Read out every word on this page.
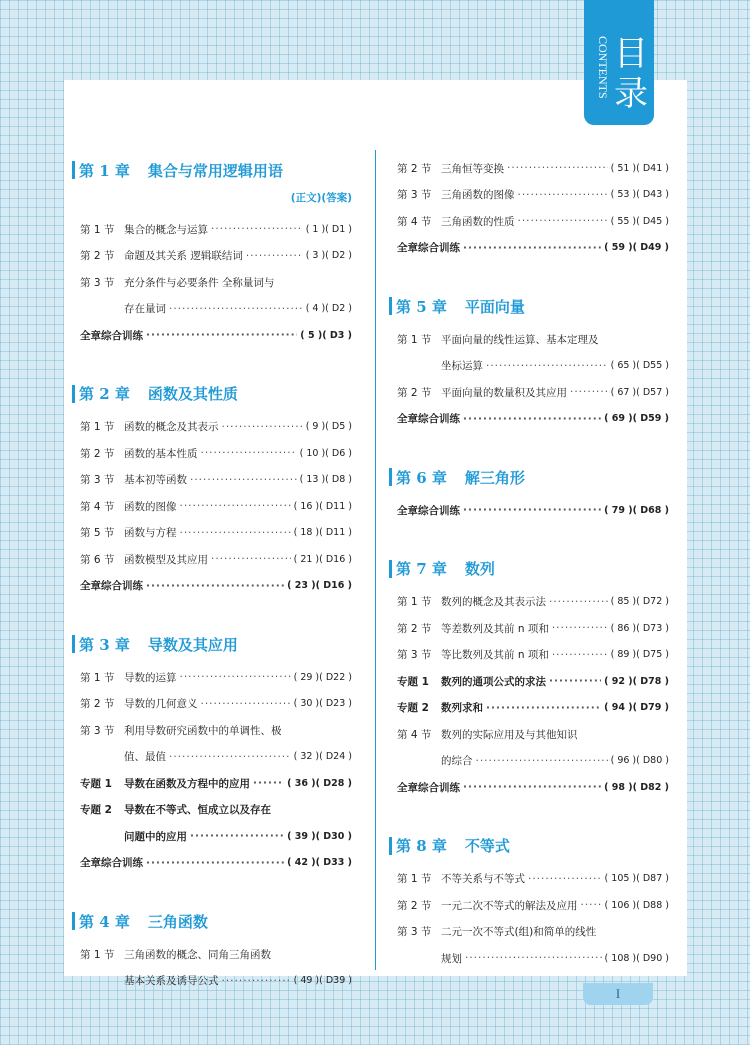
目录
CONTENTS
第 1 章 集合与常用逻辑用语
(正文)(答案)
第 1 节 集合的概念与运算 ·····	( 1 )( D1 )
第 2 节 命题及其关系 逻辑联结词 ·····	( 3 )( D2 )
第 3 节 充分条件与必要条件 全称量词与
存在量词 ·····	( 4 )( D2 )
全章综合训练 ·····	( 5 )( D3 )
第 2 章 函数及其性质
第 1 节 函数的概念及其表示 ·····	( 9 )( D5 )
第 2 节 函数的基本性质 ·····	( 10 )( D6 )
第 3 节 基本初等函数 ·····	( 13 )( D8 )
第 4 节 函数的图像 ·····	( 16 )( D11 )
第 5 节 函数与方程 ·····	( 18 )( D11 )
第 6 节 函数模型及其应用 ·····	( 21 )( D16 )
全章综合训练 ·····	( 23 )( D16 )
第 3 章 导数及其应用
第 1 节 导数的运算 ·····	( 29 )( D22 )
第 2 节 导数的几何意义 ·····	( 30 )( D23 )
第 3 节 利用导数研究函数中的单调性、极
值、最值 ·····	( 32 )( D24 )
专题 1	导数在函数及方程中的应用 ·····	( 36 )( D28 )
专题 2	导数在不等式、恒成立以及存在
问题中的应用 ·····	( 39 )( D30 )
全章综合训练 ·····	( 42 )( D33 )
第 4 章 三角函数
第 1 节 三角函数的概念、同角三角函数
基本关系及诱导公式 ·····	( 49 )( D39 )
第 2 节 三角恒等变换 ·····	( 51 )( D41 )
第 3 节 三角函数的图像 ·····	( 53 )( D43 )
第 4 节 三角函数的性质 ·····	( 55 )( D45 )
全章综合训练 ·····	( 59 )( D49 )
第 5 章 平面向量
第 1 节 平面向量的线性运算、基本定理及
坐标运算 ·····	( 65 )( D55 )
第 2 节 平面向量的数量积及其应用 ·····	( 67 )( D57 )
全章综合训练 ·····	( 69 )( D59 )
第 6 章 解三角形
全章综合训练 ·····	( 79 )( D68 )
第 7 章 数列
第 1 节 数列的概念及其表示法 ·····	( 85 )( D72 )
第 2 节 等差数列及其前 n 项和 ·····	( 86 )( D73 )
第 3 节 等比数列及其前 n 项和 ·····	( 89 )( D75 )
专题 1	数列的通项公式的求法 ·····	( 92 )( D78 )
专题 2	数列求和 ·····	( 94 )( D79 )
第 4 节 数列的实际应用及与其他知识
的综合 ·····	( 96 )( D80 )
全章综合训练 ·····	( 98 )( D82 )
第 8 章 不等式
第 1 节 不等关系与不等式 ·····	( 105 )( D87 )
第 2 节 一元二次不等式的解法及应用 ·····	( 106 )( D88 )
第 3 节 二元一次不等式(组)和简单的线性
规划 ·····	( 108 )( D90 )
I
